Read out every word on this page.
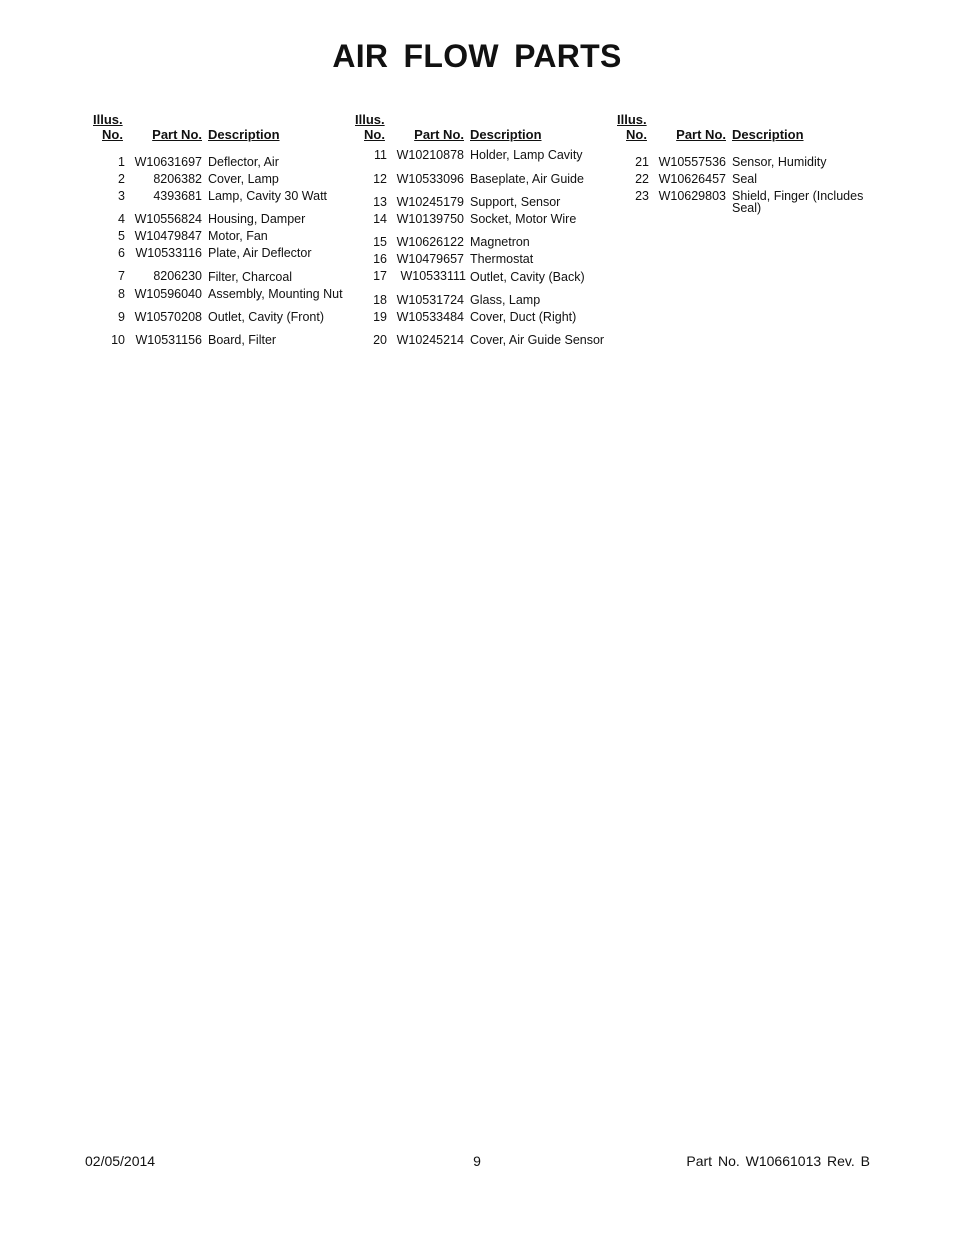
AIR FLOW PARTS
Illus.
No.	Part No. Description
1 W10631697 Deflector, Air
2	8206382 Cover, Lamp
3	4393681 Lamp, Cavity 30 Watt
4 W10556824 Housing, Damper
5 W10479847 Motor, Fan
6 W10533116 Plate, Air Deflector
7	8206230 Filter, Charcoal
8 W10596040 Assembly, Mounting Nut
9 W10570208 Outlet, Cavity (Front)
10 W10531156 Board, Filter
Illus.
No.	Part No. Description
11 W10210878 Holder, Lamp Cavity
12 W10533096 Baseplate, Air Guide
13 W10245179 Support, Sensor
14 W10139750 Socket, Motor Wire
15 W10626122 Magnetron
16 W10479657 Thermostat
17	W10533111 Outlet, Cavity (Back)
18 W10531724 Glass, Lamp
19 W10533484 Cover, Duct (Right)
20 W10245214 Cover, Air Guide Sensor
Illus.
No.	Part No. Description
21 W10557536 Sensor, Humidity
22 W10626457 Seal
23 W10629803 Shield, Finger (Includes Seal)
02/05/2014	9	Part No. W10661013 Rev. B
